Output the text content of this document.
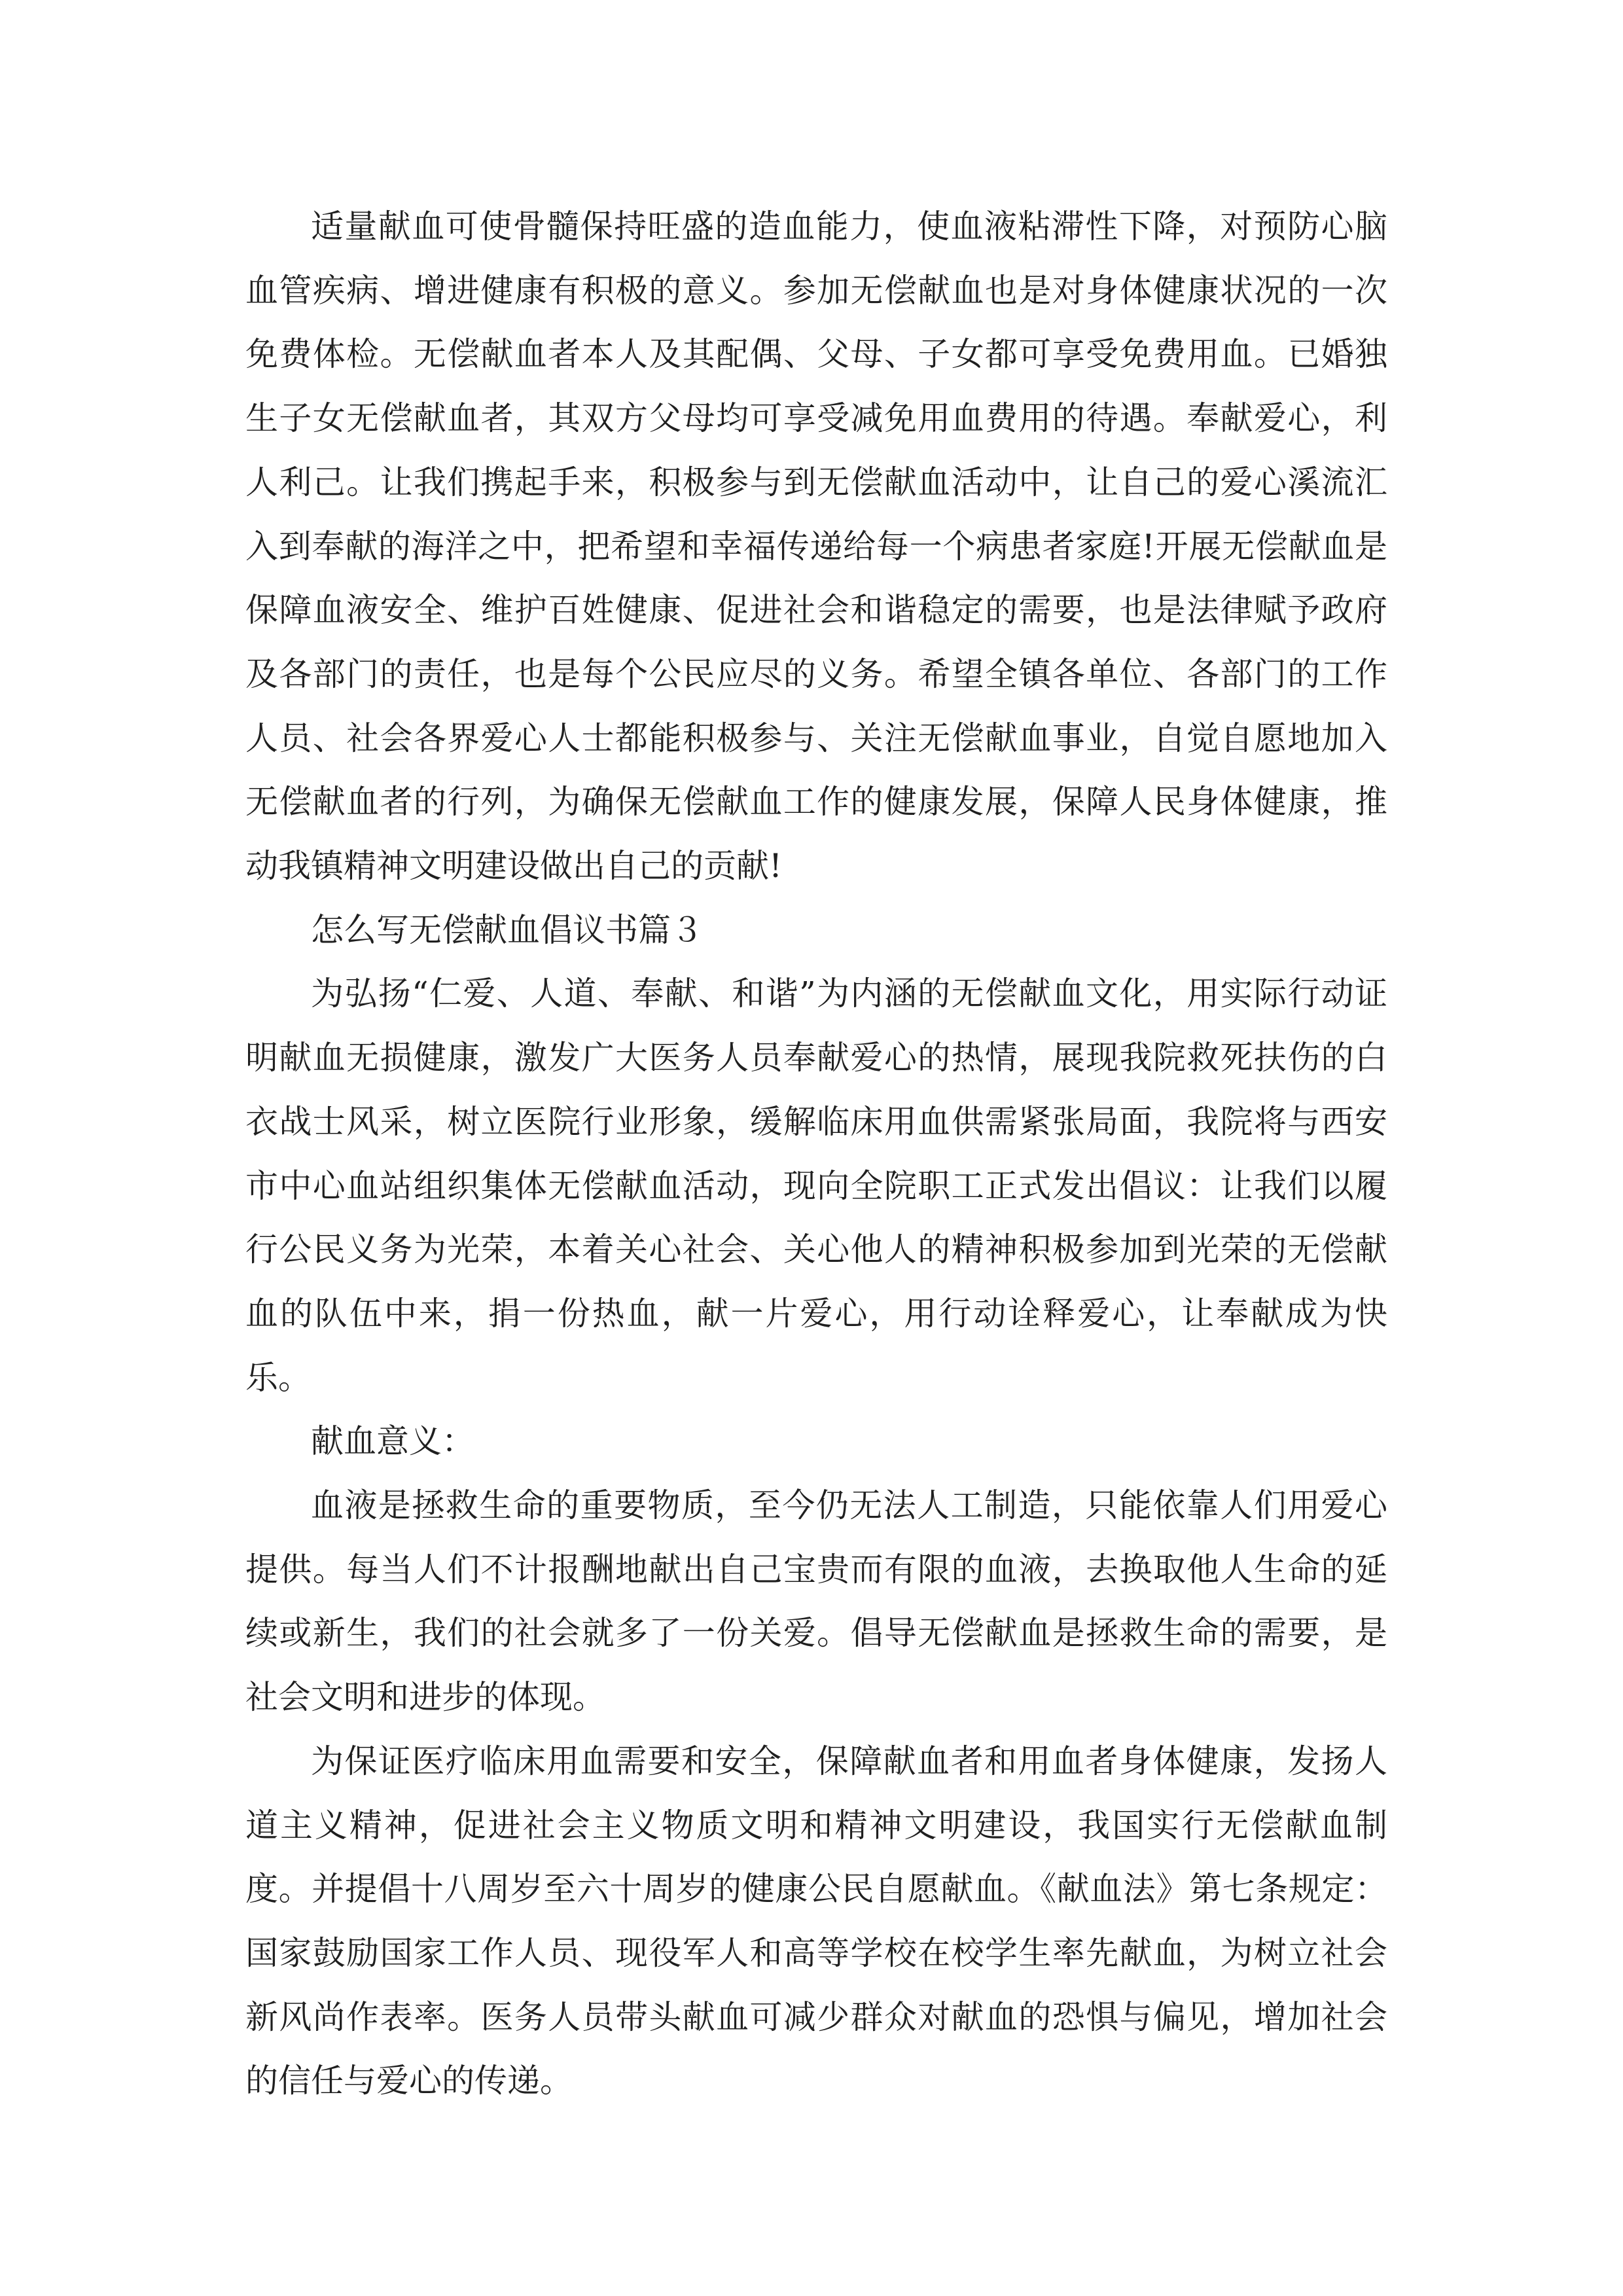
适量献血可使骨髓保持旺盛的造血能力，使血液粘滞性下降，对预防心脑血管疾病、增进健康有积极的意义。参加无偿献血也是对身体健康状况的一次免费体检。无偿献血者本人及其配偶、父母、子女都可享受免费用血。已婚独生子女无偿献血者，其双方父母均可享受减免用血费用的待遇。奉献爱心，利人利己。让我们携起手来，积极参与到无偿献血活动中，让自己的爱心溪流汇入到奉献的海洋之中，把希望和幸福传递给每一个病患者家庭!开展无偿献血是保障血液安全、维护百姓健康、促进社会和谐稳定的需要，也是法律赋予政府及各部门的责任，也是每个公民应尽的义务。希望全镇各单位、各部门的工作人员、社会各界爱心人士都能积极参与、关注无偿献血事业，自觉自愿地加入无偿献血者的行列，为确保无偿献血工作的健康发展，保障人民身体健康，推动我镇精神文明建设做出自己的贡献!

怎么写无偿献血倡议书篇３

为弘扬“仁爱、人道、奉献、和谐”为内涵的无偿献血文化，用实际行动证明献血无损健康，激发广大医务人员奉献爱心的热情，展现我院救死扶伤的白衣战士风采，树立医院行业形象，缓解临床用血供需紧张局面，我院将与西安市中心血站组织集体无偿献血活动，现向全院职工正式发出倡议：让我们以履行公民义务为光荣，本着关心社会、关心他人的精神积极参加到光荣的无偿献血的队伍中来，捐一份热血，献一片爱心，用行动诠释爱心，让奉献成为快乐。

献血意义：

血液是拯救生命的重要物质，至今仍无法人工制造，只能依靠人们用爱心提供。每当人们不计报酬地献出自己宝贵而有限的血液，去换取他人生命的延续或新生，我们的社会就多了一份关爱。倡导无偿献血是拯救生命的需要，是社会文明和进步的体现。

为保证医疗临床用血需要和安全，保障献血者和用血者身体健康，发扬人道主义精神，促进社会主义物质文明和精神文明建设，我国实行无偿献血制度。并提倡十八周岁至六十周岁的健康公民自愿献血。《献血法》第七条规定：国家鼓励国家工作人员、现役军人和高等学校在校学生率先献血，为树立社会新风尚作表率。医务人员带头献血可减少群众对献血的恐惧与偏见，增加社会的信任与爱心的传递。
